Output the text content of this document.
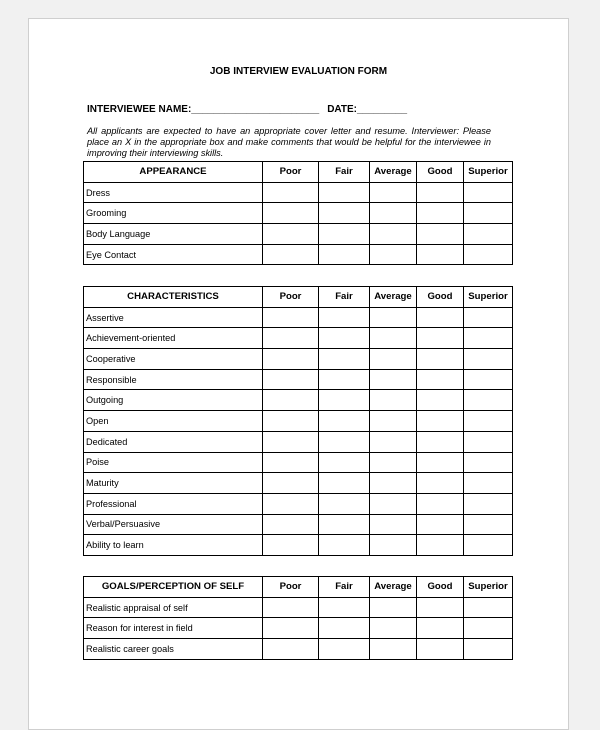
JOB INTERVIEW EVALUATION FORM
INTERVIEWEE NAME:_______________________ DATE:_________
All applicants are expected to have an appropriate cover letter and resume. Interviewer: Please place an X in the appropriate box and make comments that would be helpful for the interviewee in improving their interviewing skills.
APPEARANCE	Poor	Fair	Average	Good	Superior
Dress					
Grooming					
Body Language					
Eye Contact					
CHARACTERISTICS	Poor	Fair	Average	Good	Superior
Assertive					
Achievement-oriented					
Cooperative					
Responsible					
Outgoing					
Open					
Dedicated					
Poise					
Maturity					
Professional					
Verbal/Persuasive					
Ability to learn					
GOALS/PERCEPTION OF SELF	Poor	Fair	Average	Good	Superior
Realistic appraisal of self					
Reason for interest in field					
Realistic career goals					
